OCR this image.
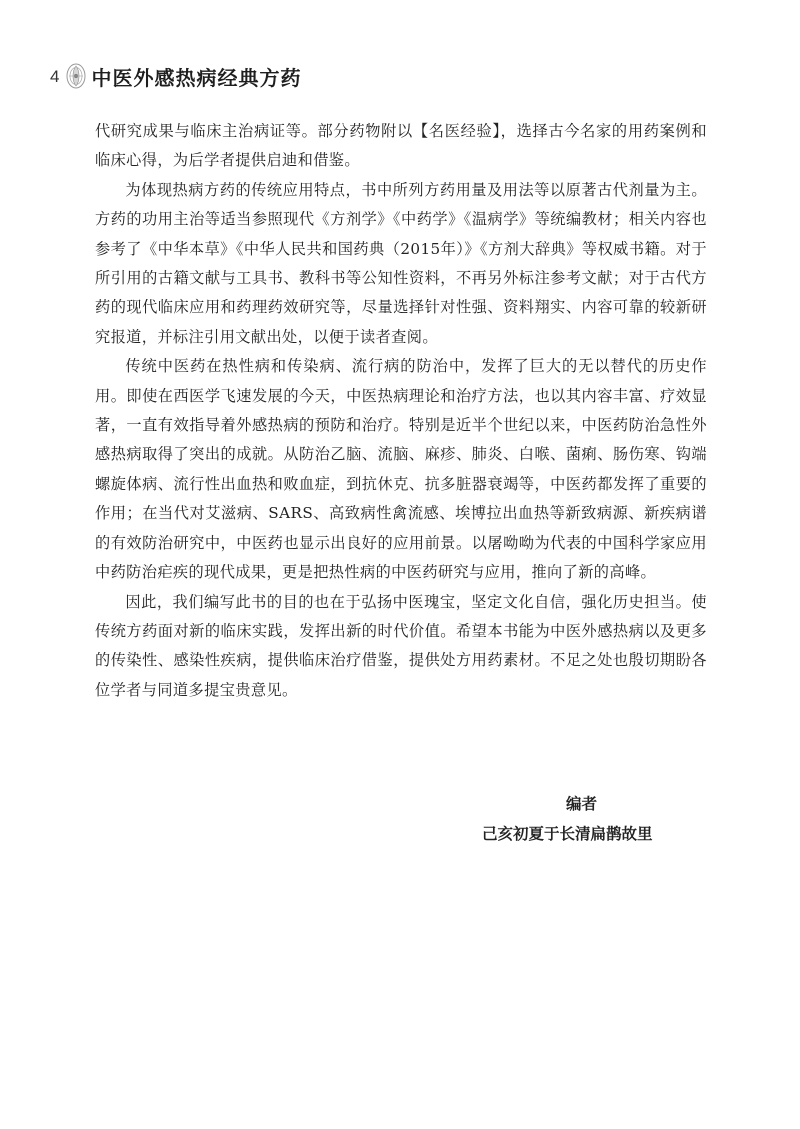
4 中医外感热病经典方药

代研究成果与临床主治病证等。部分药物附以【名医经验】，选择古今名家的用药案例和临床心得，为后学者提供启迪和借鉴。

为体现热病方药的传统应用特点，书中所列方药用量及用法等以原著古代剂量为主。方药的功用主治等适当参照现代《方剂学》《中药学》《温病学》等统编教材；相关内容也参考了《中华本草》《中华人民共和国药典（2015年）》《方剂大辞典》等权威书籍。对于所引用的古籍文献与工具书、教科书等公知性资料，不再另外标注参考文献；对于古代方药的现代临床应用和药理药效研究等，尽量选择针对性强、资料翔实、内容可靠的较新研究报道，并标注引用文献出处，以便于读者查阅。

传统中医药在热性病和传染病、流行病的防治中，发挥了巨大的无以替代的历史作用。即使在西医学飞速发展的今天，中医热病理论和治疗方法，也以其内容丰富、疗效显著，一直有效指导着外感热病的预防和治疗。特别是近半个世纪以来，中医药防治急性外感热病取得了突出的成就。从防治乙脑、流脑、麻疹、肺炎、白喉、菌痢、肠伤寒、钩端螺旋体病、流行性出血热和败血症，到抗休克、抗多脏器衰竭等，中医药都发挥了重要的作用；在当代对艾滋病、SARS、高致病性禽流感、埃博拉出血热等新致病源、新疾病谱的有效防治研究中，中医药也显示出良好的应用前景。以屠呦呦为代表的中国科学家应用中药防治疟疾的现代成果，更是把热性病的中医药研究与应用，推向了新的高峰。

因此，我们编写此书的目的也在于弘扬中医瑰宝，坚定文化自信，强化历史担当。使传统方药面对新的临床实践，发挥出新的时代价值。希望本书能为中医外感热病以及更多的传染性、感染性疾病，提供临床治疗借鉴，提供处方用药素材。不足之处也殷切期盼各位学者与同道多提宝贵意见。

编者
己亥初夏于长清扁鹊故里
